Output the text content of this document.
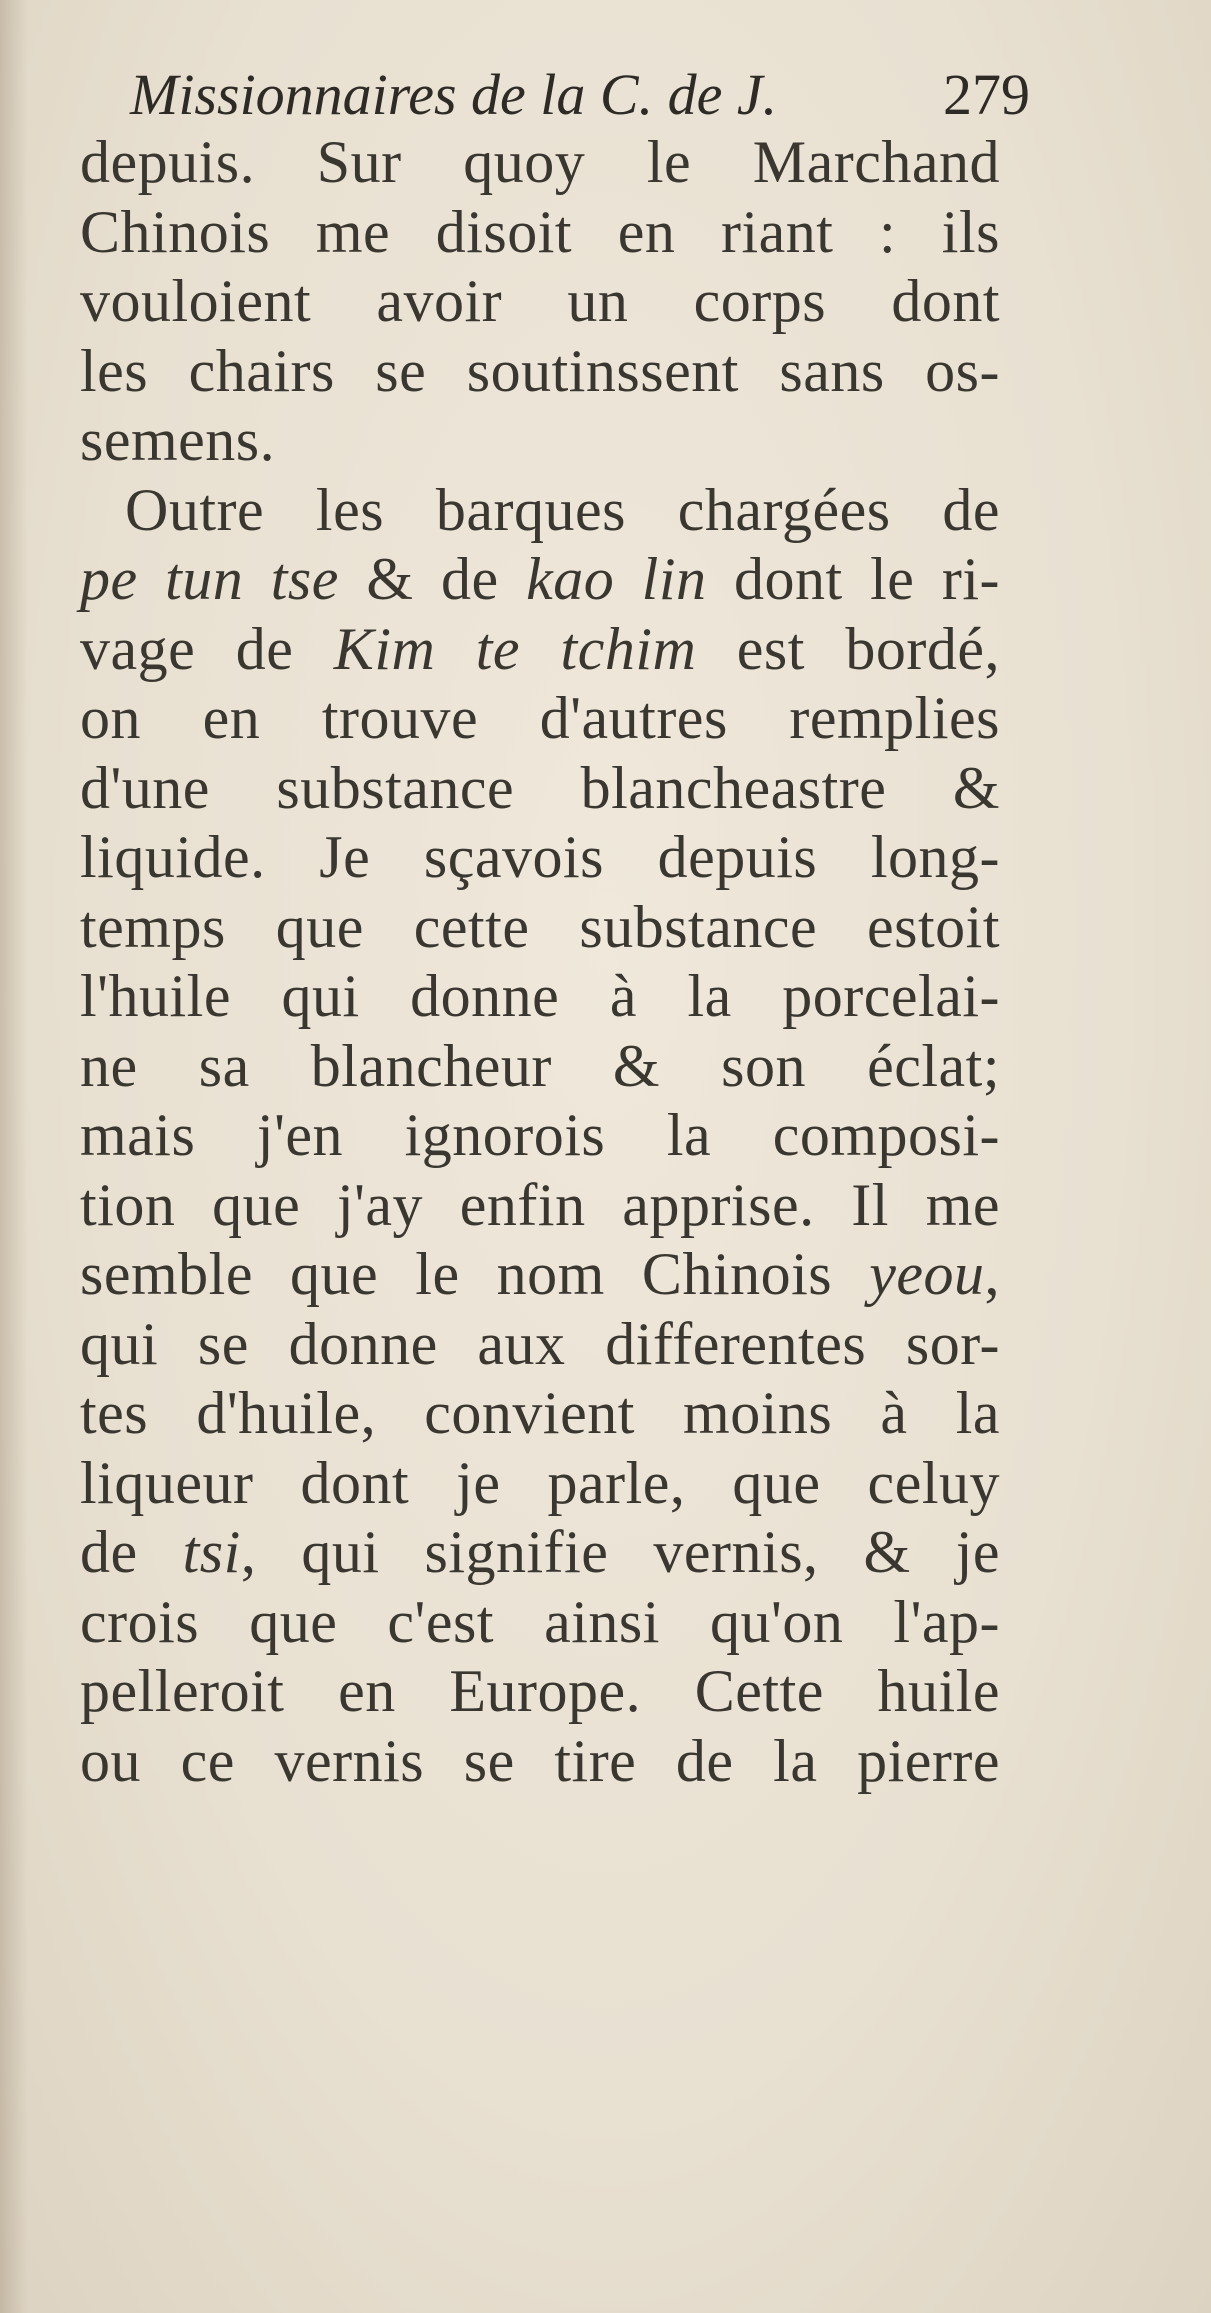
Missionnaires de la C. de J.	279
depuis. Sur quoy le Marchand
Chinois me disoit en riant : ils
vouloient avoir un corps dont
les chairs se soutinssent sans os-
semens.
Outre les barques chargées de
pe tun tse & de kao lin dont le ri-
vage de Kim te tchim est bordé,
on en trouve d'autres remplies
d'une substance blancheastre &
liquide. Je sçavois depuis long-
temps que cette substance estoit
l'huile qui donne à la porcelai-
ne sa blancheur & son éclat;
mais j'en ignorois la composi-
tion que j'ay enfin apprise. Il me
semble que le nom Chinois yeou,
qui se donne aux differentes sor-
tes d'huile, convient moins à la
liqueur dont je parle, que celuy
de tsi, qui signifie vernis, & je
crois que c'est ainsi qu'on l'ap-
pelleroit en Europe. Cette huile
ou ce vernis se tire de la pierre
